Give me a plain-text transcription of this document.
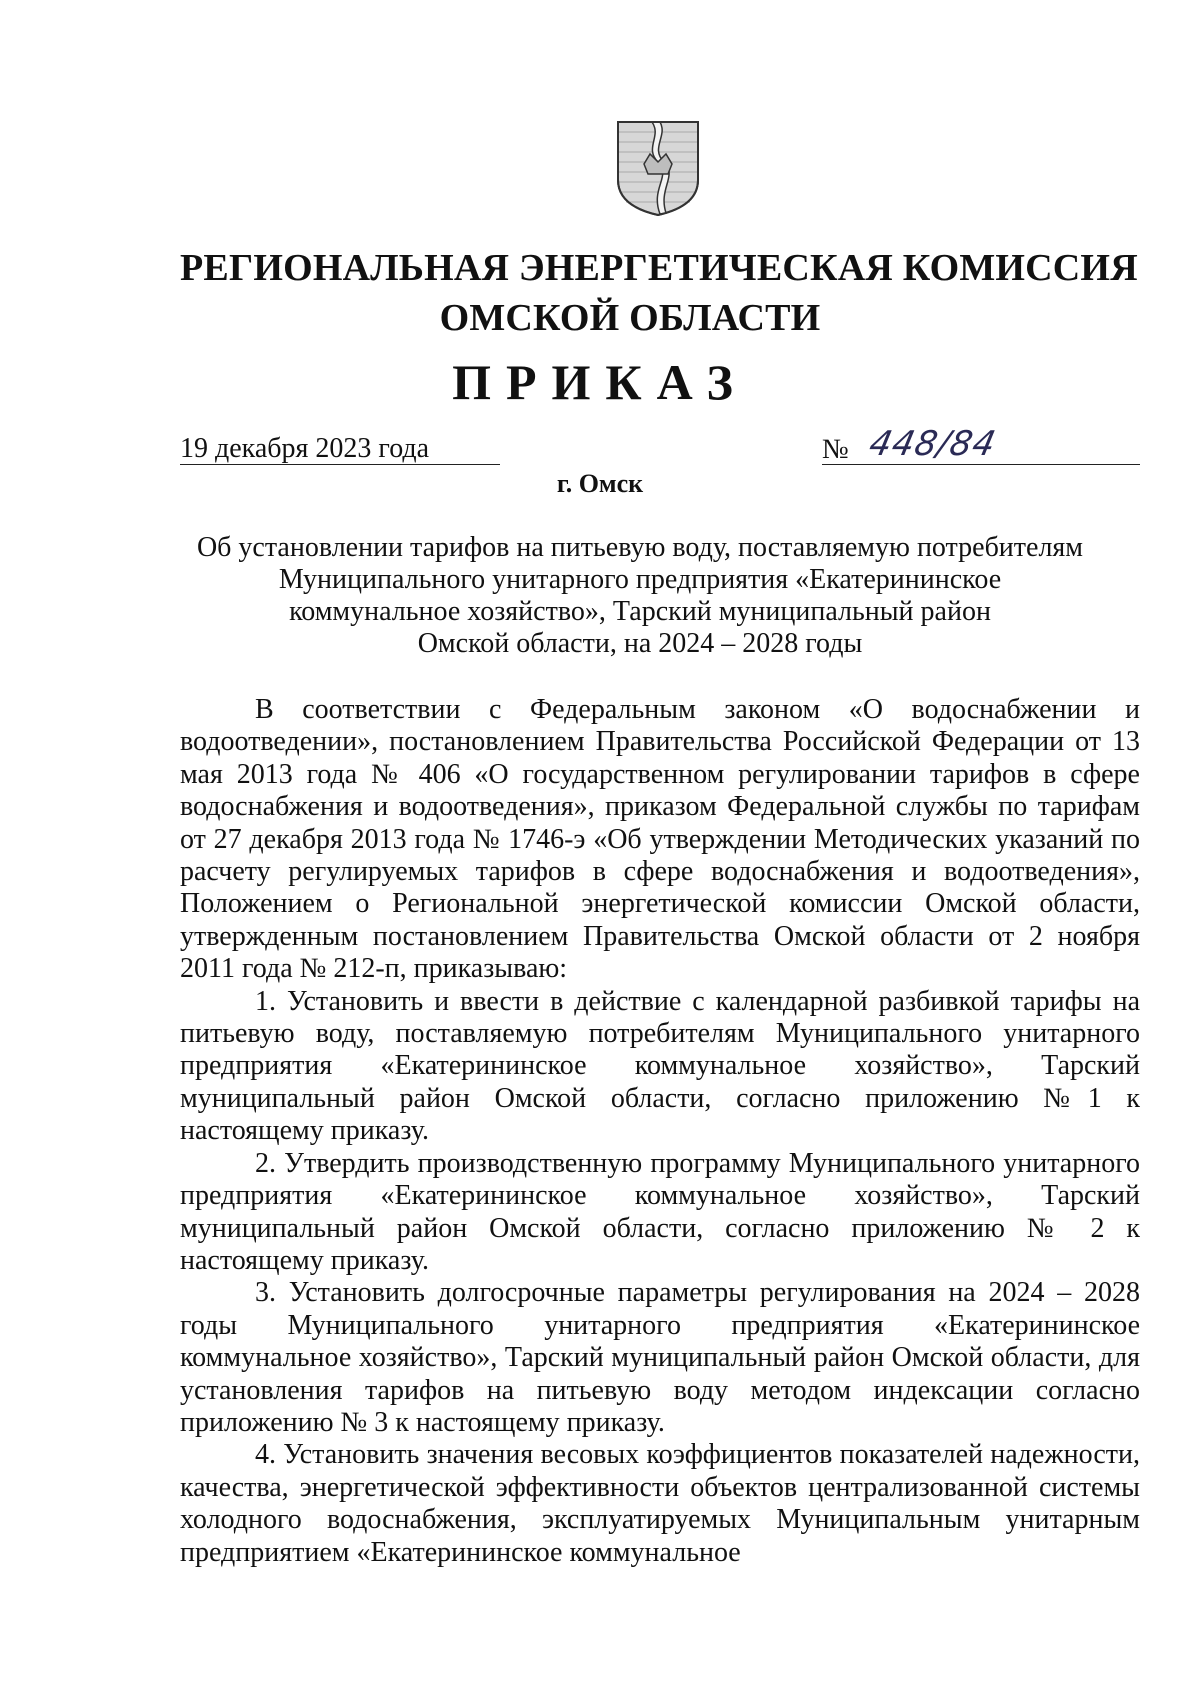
РЕГИОНАЛЬНАЯ ЭНЕРГЕТИЧЕСКАЯ КОМИССИЯ
ОМСКОЙ ОБЛАСТИ
ПРИКАЗ
19 декабря 2023 года	№ 448/84
г. Омск
Об установлении тарифов на питьевую воду, поставляемую потребителям
Муниципального унитарного предприятия «Екатерининское
коммунальное хозяйство», Тарский муниципальный район
Омской области, на 2024 – 2028 годы

В соответствии с Федеральным законом «О водоснабжении и водоотведении», постановлением Правительства Российской Федерации от 13 мая 2013 года № 406 «О государственном регулировании тарифов в сфере водоснабжения и водоотведения», приказом Федеральной службы по тарифам от 27 декабря 2013 года № 1746-э «Об утверждении Методических указаний по расчету регулируемых тарифов в сфере водоснабжения и водоотведения», Положением о Региональной энергетической комиссии Омской области, утвержденным постановлением Правительства Омской области от 2 ноября 2011 года № 212-п, приказываю:

1. Установить и ввести в действие с календарной разбивкой тарифы на питьевую воду, поставляемую потребителям Муниципального унитарного предприятия «Екатерининское коммунальное хозяйство», Тарский муниципальный район Омской области, согласно приложению №1 к настоящему приказу.

2. Утвердить производственную программу Муниципального унитарного предприятия «Екатерининское коммунальное хозяйство», Тарский муниципальный район Омской области, согласно приложению № 2 к настоящему приказу.

3. Установить долгосрочные параметры регулирования на 2024 – 2028 годы Муниципального унитарного предприятия «Екатерининское коммунальное хозяйство», Тарский муниципальный район Омской области, для установления тарифов на питьевую воду методом индексации согласно приложению № 3 к настоящему приказу.

4. Установить значения весовых коэффициентов показателей надежности, качества, энергетической эффективности объектов централизованной системы холодного водоснабжения, эксплуатируемых Муниципальным унитарным предприятием «Екатерининское коммунальное
